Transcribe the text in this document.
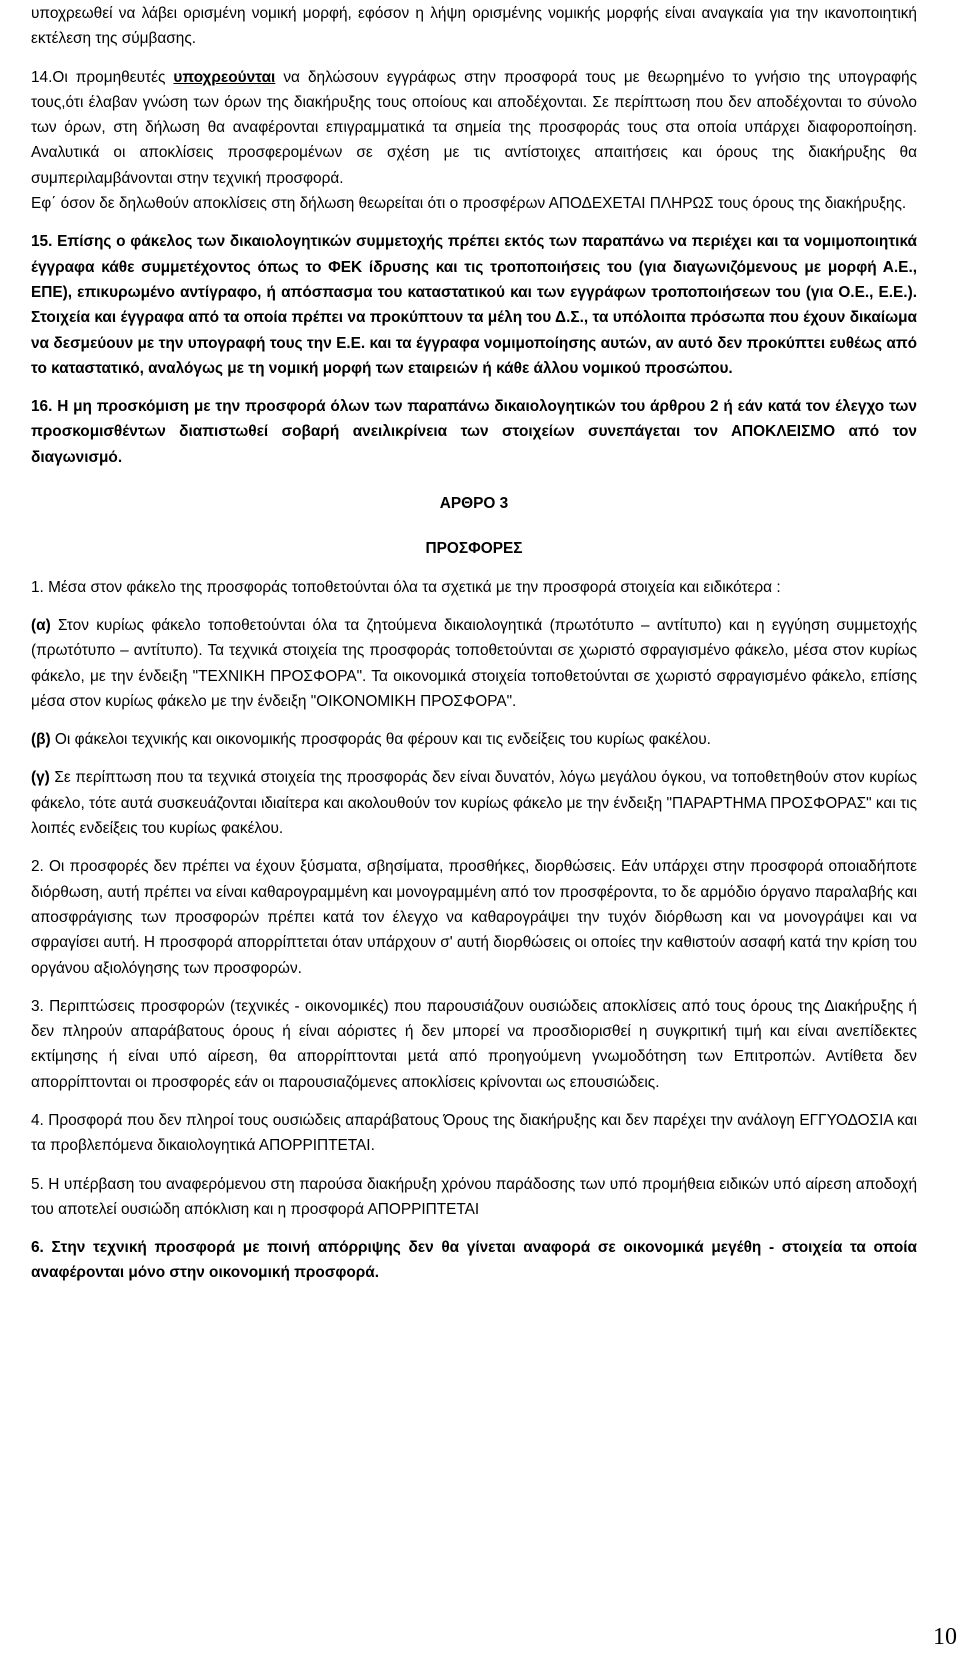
υποχρεωθεί να λάβει ορισμένη νομική μορφή, εφόσον η λήψη ορισμένης νομικής μορφής είναι αναγκαία για την ικανοποιητική εκτέλεση της σύμβασης.

14.Οι προμηθευτές υποχρεούνται να δηλώσουν εγγράφως στην προσφορά τους με θεωρημένο το γνήσιο της υπογραφής τους,ότι έλαβαν γνώση των όρων της διακήρυξης τους οποίους και αποδέχονται. Σε περίπτωση που δεν αποδέχονται το σύνολο των όρων, στη δήλωση θα αναφέρονται επιγραμματικά τα σημεία της προσφοράς τους στα οποία υπάρχει διαφοροποίηση. Αναλυτικά οι αποκλίσεις προσφερομένων σε σχέση με τις αντίστοιχες απαιτήσεις και όρους της διακήρυξης θα συμπεριλαμβάνονται στην τεχνική προσφορά.

Εφ΄ όσον δε δηλωθούν αποκλίσεις στη δήλωση θεωρείται ότι ο προσφέρων ΑΠΟΔΕΧΕΤΑΙ ΠΛΗΡΩΣ τους όρους της διακήρυξης.

15. Επίσης ο φάκελος των δικαιολογητικών συμμετοχής πρέπει εκτός των παραπάνω να περιέχει και τα νομιμοποιητικά έγγραφα κάθε συμμετέχοντος όπως το ΦΕΚ ίδρυσης και τις τροποποιήσεις του (για διαγωνιζόμενους με μορφή Α.Ε., ΕΠΕ), επικυρωμένο αντίγραφο, ή απόσπασμα του καταστατικού και των εγγράφων τροποποιήσεων του (για Ο.Ε., Ε.Ε.). Στοιχεία και έγγραφα από τα οποία πρέπει να προκύπτουν τα μέλη του Δ.Σ., τα υπόλοιπα πρόσωπα που έχουν δικαίωμα να δεσμεύουν με την υπογραφή τους την Ε.Ε. και τα έγγραφα νομιμοποίησης αυτών, αν αυτό δεν προκύπτει ευθέως από το καταστατικό, αναλόγως με τη νομική μορφή των εταιρειών ή κάθε άλλου νομικού προσώπου.

16. Η μη προσκόμιση με την προσφορά όλων των παραπάνω δικαιολογητικών του άρθρου 2 ή εάν κατά τον έλεγχο των προσκομισθέντων διαπιστωθεί σοβαρή ανειλικρίνεια των στοιχείων συνεπάγεται τον ΑΠΟΚΛΕΙΣΜΟ από τον διαγωνισμό.

ΑΡΘΡΟ 3

ΠΡΟΣΦΟΡΕΣ

1. Μέσα στον φάκελο της προσφοράς τοποθετούνται όλα τα σχετικά με την προσφορά στοιχεία και ειδικότερα :

(α) Στον κυρίως φάκελο τοποθετούνται όλα τα ζητούμενα δικαιολογητικά (πρωτότυπο – αντίτυπο) και η εγγύηση συμμετοχής (πρωτότυπο – αντίτυπο). Τα τεχνικά στοιχεία της προσφοράς τοποθετούνται σε χωριστό σφραγισμένο φάκελο, μέσα στον κυρίως φάκελο, με την ένδειξη "ΤΕΧΝΙΚΗ ΠΡΟΣΦΟΡΑ". Τα οικονομικά στοιχεία τοποθετούνται σε χωριστό σφραγισμένο φάκελο, επίσης μέσα στον κυρίως φάκελο με την ένδειξη "ΟΙΚΟΝΟΜΙΚΗ ΠΡΟΣΦΟΡΑ".

(β) Οι φάκελοι τεχνικής και οικονομικής προσφοράς θα φέρουν και τις ενδείξεις του κυρίως φακέλου.

(γ) Σε περίπτωση που τα τεχνικά στοιχεία της προσφοράς δεν είναι δυνατόν, λόγω μεγάλου όγκου, να τοποθετηθούν στον κυρίως φάκελο, τότε αυτά συσκευάζονται ιδιαίτερα και ακολουθούν τον κυρίως φάκελο με την ένδειξη "ΠΑΡΑΡΤΗΜΑ ΠΡΟΣΦΟΡΑΣ" και τις λοιπές ενδείξεις του κυρίως φακέλου.

2. Οι προσφορές δεν πρέπει να έχουν ξύσματα, σβησίματα, προσθήκες, διορθώσεις. Εάν υπάρχει στην προσφορά οποιαδήποτε διόρθωση, αυτή πρέπει να είναι καθαρογραμμένη και μονογραμμένη από τον προσφέροντα, το δε αρμόδιο όργανο παραλαβής και αποσφράγισης των προσφορών πρέπει κατά τον έλεγχο να καθαρογράψει την τυχόν διόρθωση και να μονογράψει και να σφραγίσει αυτή. Η προσφορά απορρίπτεται όταν υπάρχουν σ' αυτή διορθώσεις οι οποίες την καθιστούν ασαφή κατά την κρίση του οργάνου αξιολόγησης των προσφορών.

3. Περιπτώσεις προσφορών (τεχνικές - οικονομικές) που παρουσιάζουν ουσιώδεις αποκλίσεις από τους όρους της Διακήρυξης ή δεν πληρούν απαράβατους όρους ή είναι αόριστες ή δεν μπορεί να προσδιορισθεί η συγκριτική τιμή και είναι ανεπίδεκτες εκτίμησης ή είναι υπό αίρεση, θα απορρίπτονται μετά από προηγούμενη γνωμοδότηση των Επιτροπών. Αντίθετα δεν απορρίπτονται οι προσφορές εάν οι παρουσιαζόμενες αποκλίσεις κρίνονται ως επουσιώδεις.

4. Προσφορά που δεν πληροί τους ουσιώδεις απαράβατους Όρους της διακήρυξης και δεν παρέχει την ανάλογη ΕΓΓΥΟΔΟΣΙΑ και τα προβλεπόμενα δικαιολογητικά ΑΠΟΡΡΙΠΤΕΤΑΙ.

5. Η υπέρβαση του αναφερόμενου στη παρούσα διακήρυξη χρόνου παράδοσης των υπό προμήθεια ειδικών υπό αίρεση αποδοχή του αποτελεί ουσιώδη απόκλιση και η προσφορά ΑΠΟΡΡΙΠΤΕΤΑΙ

6. Στην τεχνική προσφορά με ποινή απόρριψης δεν θα γίνεται αναφορά σε οικονομικά μεγέθη - στοιχεία τα οποία αναφέρονται μόνο στην οικονομική προσφορά.

10
